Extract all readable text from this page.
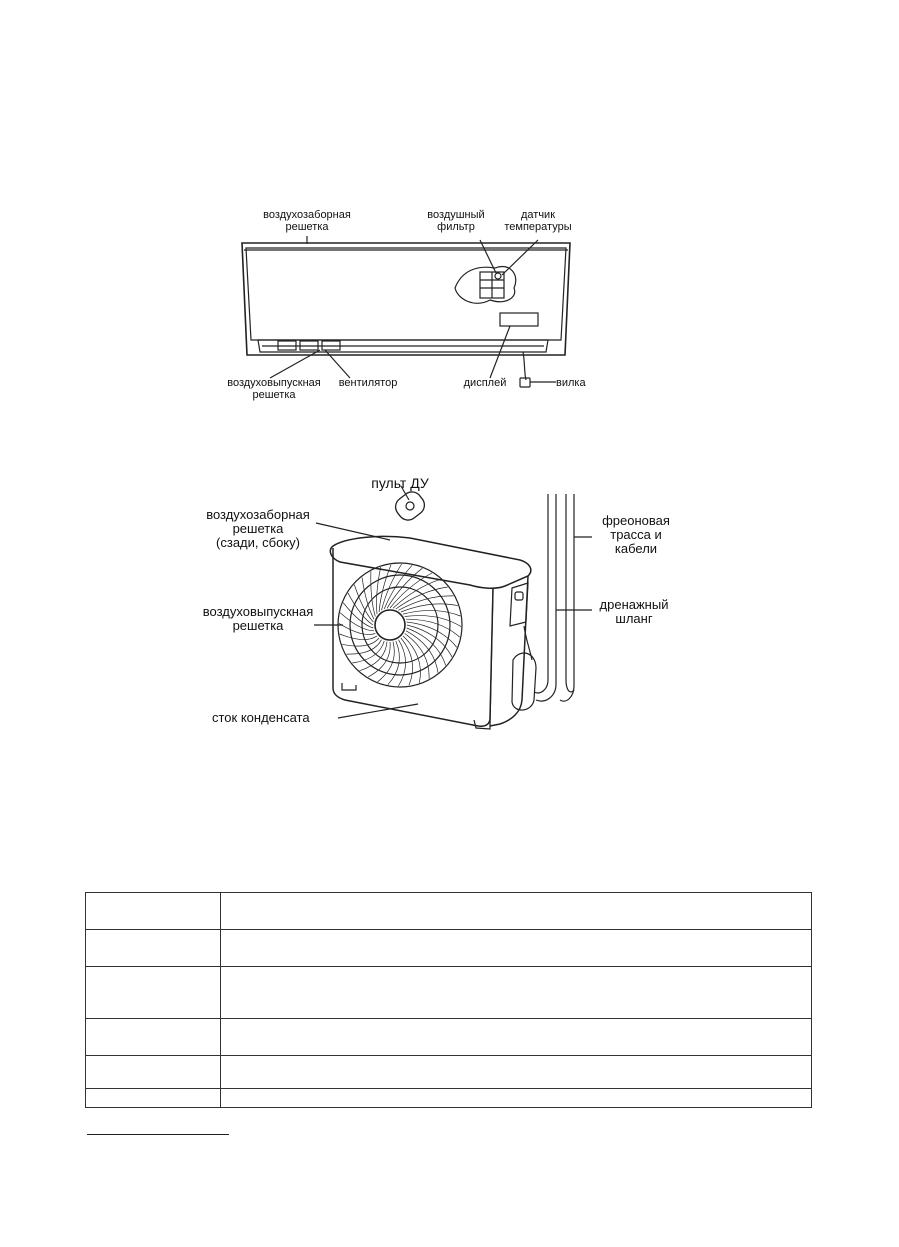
воздухозаборная
решетка
воздушный
фильтр
датчик
температуры
воздуховыпускная
решетка
вентилятор	дисплей	вилка
пульт ДУ
воздухозаборная
решетка
(сзади, сбоку)
воздуховыпускная
решетка
сток конденсата
фреоновая
трасса и
кабели
дренажный
шланг
